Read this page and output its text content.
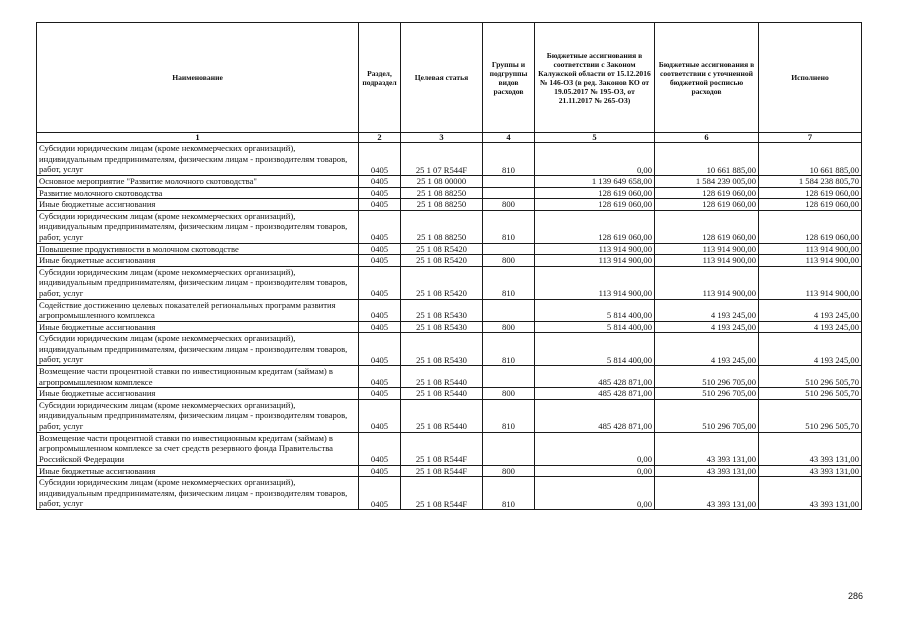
Наименование	Раздел, подраздел	Целевая статья	Группы и подгруппы видов расходов	Бюджетные ассигнования в соответствии с Законом Калужской области от 15.12.2016 № 146-ОЗ (в ред. Законов КО от 19.05.2017 № 195-ОЗ, от 21.11.2017 № 265-ОЗ)	Бюджетные ассигнования в соответствии с уточненной бюджетной росписью расходов	Исполнено
1	2	3	4	5	6	7
Субсидии юридическим лицам (кроме некоммерческих организаций), индивидуальным предпринимателям, физическим лицам - производителям товаров, работ, услуг	0405	25 1 07 R544F	810	0,00	10 661 885,00	10 661 885,00
Основное мероприятие "Развитие молочного скотоводства"	0405	25 1 08 00000		1 139 649 658,00	1 584 239 005,00	1 584 238 805,70
Развитие молочного скотоводства	0405	25 1 08 88250		128 619 060,00	128 619 060,00	128 619 060,00
Иные бюджетные ассигнования	0405	25 1 08 88250	800	128 619 060,00	128 619 060,00	128 619 060,00
Субсидии юридическим лицам (кроме некоммерческих организаций), индивидуальным предпринимателям, физическим лицам - производителям товаров, работ, услуг	0405	25 1 08 88250	810	128 619 060,00	128 619 060,00	128 619 060,00
Повышение продуктивности в молочном скотоводстве	0405	25 1 08 R5420		113 914 900,00	113 914 900,00	113 914 900,00
Иные бюджетные ассигнования	0405	25 1 08 R5420	800	113 914 900,00	113 914 900,00	113 914 900,00
Субсидии юридическим лицам (кроме некоммерческих организаций), индивидуальным предпринимателям, физическим лицам - производителям товаров, работ, услуг	0405	25 1 08 R5420	810	113 914 900,00	113 914 900,00	113 914 900,00
Содействие достижению целевых показателей региональных программ развития агропромышленного комплекса	0405	25 1 08 R5430		5 814 400,00	4 193 245,00	4 193 245,00
Иные бюджетные ассигнования	0405	25 1 08 R5430	800	5 814 400,00	4 193 245,00	4 193 245,00
Субсидии юридическим лицам (кроме некоммерческих организаций), индивидуальным предпринимателям, физическим лицам - производителям товаров, работ, услуг	0405	25 1 08 R5430	810	5 814 400,00	4 193 245,00	4 193 245,00
Возмещение части процентной ставки по инвестиционным кредитам (займам) в агропромышленном комплексе	0405	25 1 08 R5440		485 428 871,00	510 296 705,00	510 296 505,70
Иные бюджетные ассигнования	0405	25 1 08 R5440	800	485 428 871,00	510 296 705,00	510 296 505,70
Субсидии юридическим лицам (кроме некоммерческих организаций), индивидуальным предпринимателям, физическим лицам - производителям товаров, работ, услуг	0405	25 1 08 R5440	810	485 428 871,00	510 296 705,00	510 296 505,70
Возмещение части процентной ставки по инвестиционным кредитам (займам) в агропромышленном комплексе за счет средств резервного фонда Правительства Российской Федерации	0405	25 1 08 R544F		0,00	43 393 131,00	43 393 131,00
Иные бюджетные ассигнования	0405	25 1 08 R544F	800	0,00	43 393 131,00	43 393 131,00
Субсидии юридическим лицам (кроме некоммерческих организаций), индивидуальным предпринимателям, физическим лицам - производителям товаров, работ, услуг	0405	25 1 08 R544F	810	0,00	43 393 131,00	43 393 131,00
286
